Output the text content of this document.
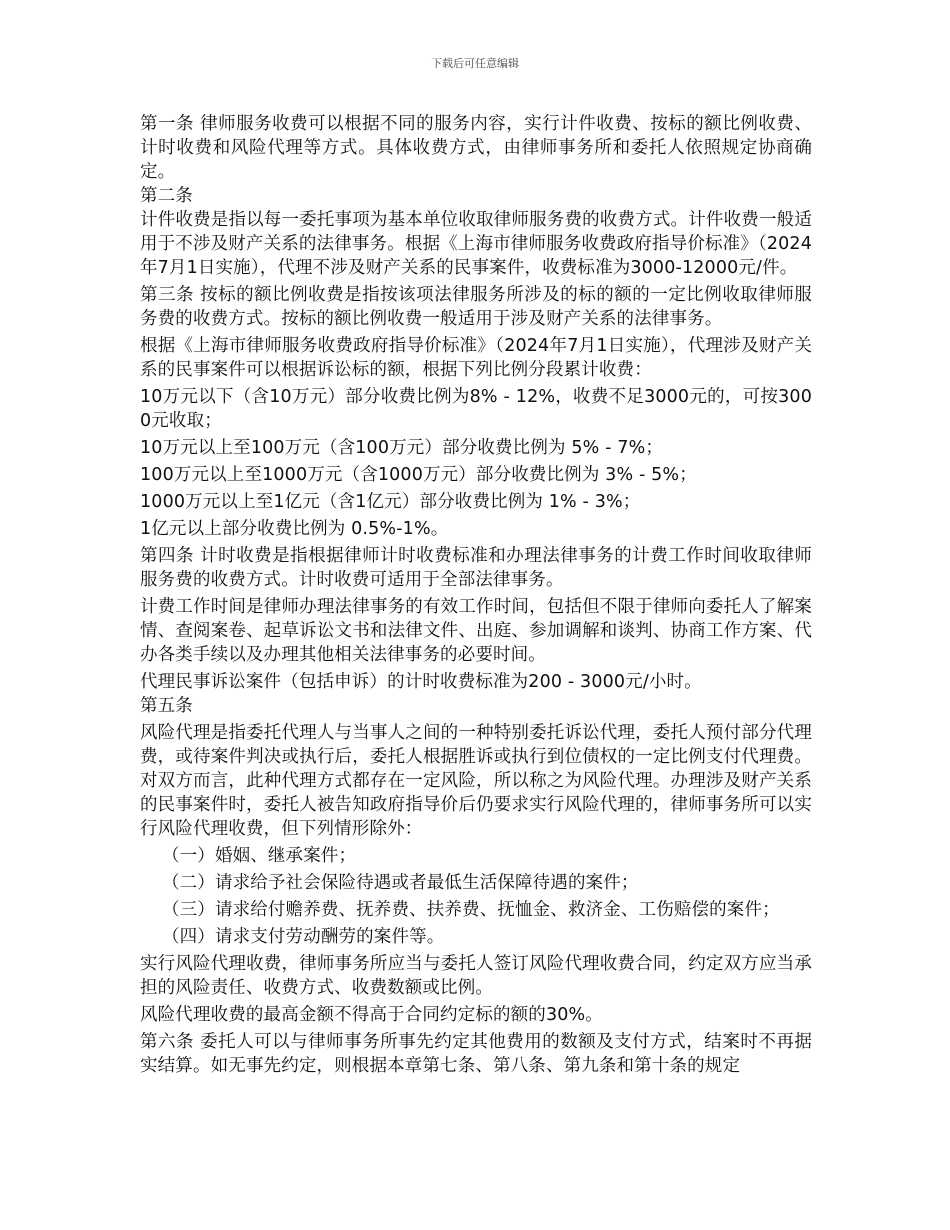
下载后可任意编辑

第一条 律师服务收费可以根据不同的服务内容，实行计件收费、按标的额比例收费、计时收费和风险代理等方式。具体收费方式，由律师事务所和委托人依照规定协商确定。

第二条

计件收费是指以每一委托事项为基本单位收取律师服务费的收费方式。计件收费一般适用于不涉及财产关系的法律事务。根据《上海市律师服务收费政府指导价标准》（2024年7月1日实施），代理不涉及财产关系的民事案件，收费标准为3000-12000元/件。

第三条 按标的额比例收费是指按该项法律服务所涉及的标的额的一定比例收取律师服务费的收费方式。按标的额比例收费一般适用于涉及财产关系的法律事务。

根据《上海市律师服务收费政府指导价标准》（2024年7月1日实施），代理涉及财产关系的民事案件可以根据诉讼标的额，根据下列比例分段累计收费：

10万元以下（含10万元）部分收费比例为8% - 12%，收费不足3000元的，可按3000元收取；

10万元以上至100万元（含100万元）部分收费比例为 5% - 7%；

100万元以上至1000万元（含1000万元）部分收费比例为 3% - 5%；

1000万元以上至1亿元（含1亿元）部分收费比例为 1% - 3%；

1亿元以上部分收费比例为 0.5%-1%。

第四条 计时收费是指根据律师计时收费标准和办理法律事务的计费工作时间收取律师服务费的收费方式。计时收费可适用于全部法律事务。

计费工作时间是律师办理法律事务的有效工作时间，包括但不限于律师向委托人了解案情、查阅案卷、起草诉讼文书和法律文件、出庭、参加调解和谈判、协商工作方案、代办各类手续以及办理其他相关法律事务的必要时间。

代理民事诉讼案件（包括申诉）的计时收费标准为200 - 3000元/小时。

第五条

风险代理是指委托代理人与当事人之间的一种特别委托诉讼代理，委托人预付部分代理费，或待案件判决或执行后，委托人根据胜诉或执行到位债权的一定比例支付代理费。对双方而言，此种代理方式都存在一定风险，所以称之为风险代理。办理涉及财产关系的民事案件时，委托人被告知政府指导价后仍要求实行风险代理的，律师事务所可以实行风险代理收费，但下列情形除外：

（一）婚姻、继承案件；

（二）请求给予社会保险待遇或者最低生活保障待遇的案件；

（三）请求给付赡养费、抚养费、扶养费、抚恤金、救济金、工伤赔偿的案件；

（四）请求支付劳动酬劳的案件等。

实行风险代理收费，律师事务所应当与委托人签订风险代理收费合同，约定双方应当承担的风险责任、收费方式、收费数额或比例。

风险代理收费的最高金额不得高于合同约定标的额的30%。

第六条 委托人可以与律师事务所事先约定其他费用的数额及支付方式，结案时不再据实结算。如无事先约定，则根据本章第七条、第八条、第九条和第十条的规定
